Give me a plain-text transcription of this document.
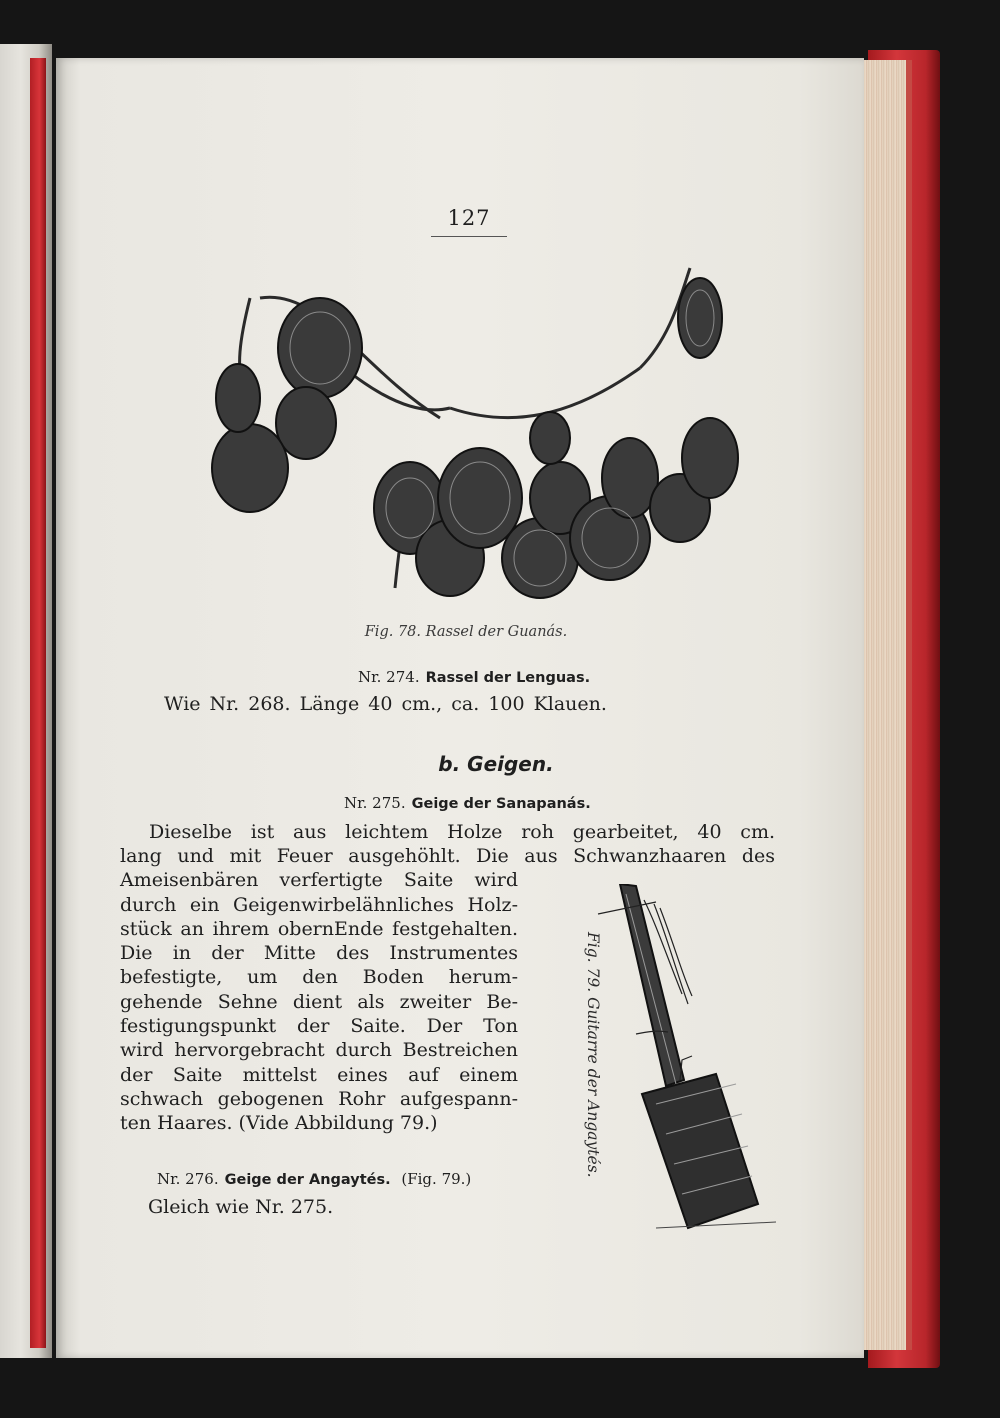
127
Fig. 78. Rassel der Guanás.
Nr. 274. Rassel der Lenguas.
Wie Nr. 268. Länge 40 cm., ca. 100 Klauen.
b. Geigen.
Nr. 275. Geige der Sanapanás.
Dieselbe ist aus leichtem Holze roh gearbeitet, 40 cm.
lang und mit Feuer ausgehöhlt. Die aus Schwanzhaaren des
Ameisenbären verfertigte Saite wird
durch ein Geigenwirbelähnliches Holz-
stück an ihrem obernEnde festgehalten.
Die in der Mitte des Instrumentes
befestigte, um den Boden herum-
gehende Sehne dient als zweiter Be-
festigungspunkt der Saite. Der Ton
wird hervorgebracht durch Bestreichen
der Saite mittelst eines auf einem
schwach gebogenen Rohr aufgespann-
ten Haares. (Vide Abbildung 79.)	Fig. 79. Guitarre der Angaytés.
Nr. 276. Geige der Angaytés. (Fig. 79.)
Gleich wie Nr. 275.
